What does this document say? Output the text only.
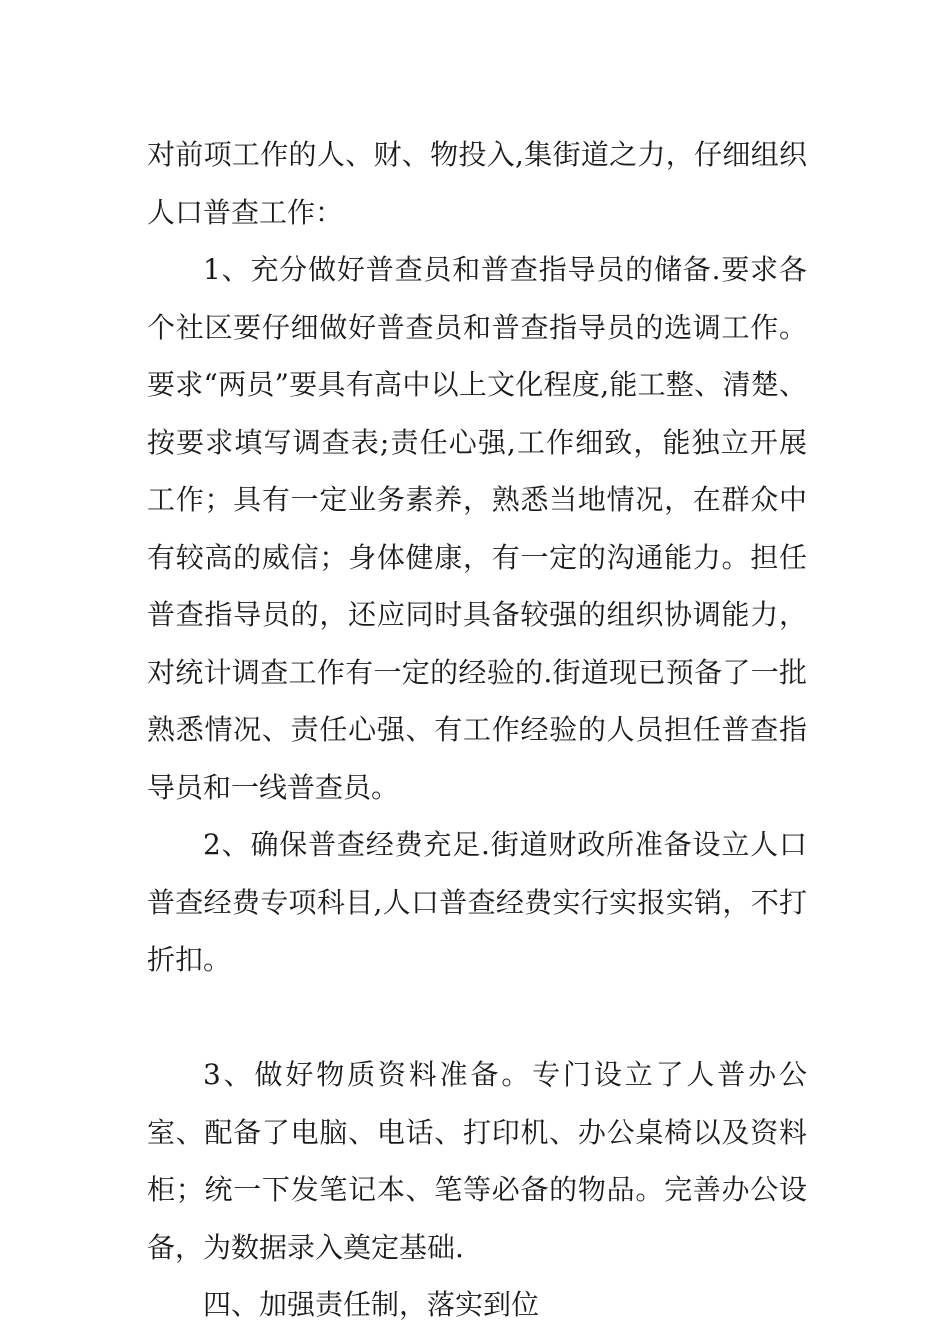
对前项工作的人、财、物投入,集街道之力，仔细组织人口普查工作：

1、充分做好普查员和普查指导员的储备.要求各个社区要仔细做好普查员和普查指导员的选调工作。要求“两员”要具有高中以上文化程度,能工整、清楚、按要求填写调查表;责任心强,工作细致，能独立开展工作；具有一定业务素养，熟悉当地情况，在群众中有较高的威信；身体健康，有一定的沟通能力。担任普查指导员的，还应同时具备较强的组织协调能力，对统计调查工作有一定的经验的.街道现已预备了一批熟悉情况、责任心强、有工作经验的人员担任普查指导员和一线普查员。

2、确保普查经费充足.街道财政所准备设立人口普查经费专项科目,人口普查经费实行实报实销，不打折扣。

3、做好物质资料准备。专门设立了人普办公室、配备了电脑、电话、打印机、办公桌椅以及资料柜；统一下发笔记本、笔等必备的物品。完善办公设备，为数据录入奠定基础.

四、加强责任制，落实到位
